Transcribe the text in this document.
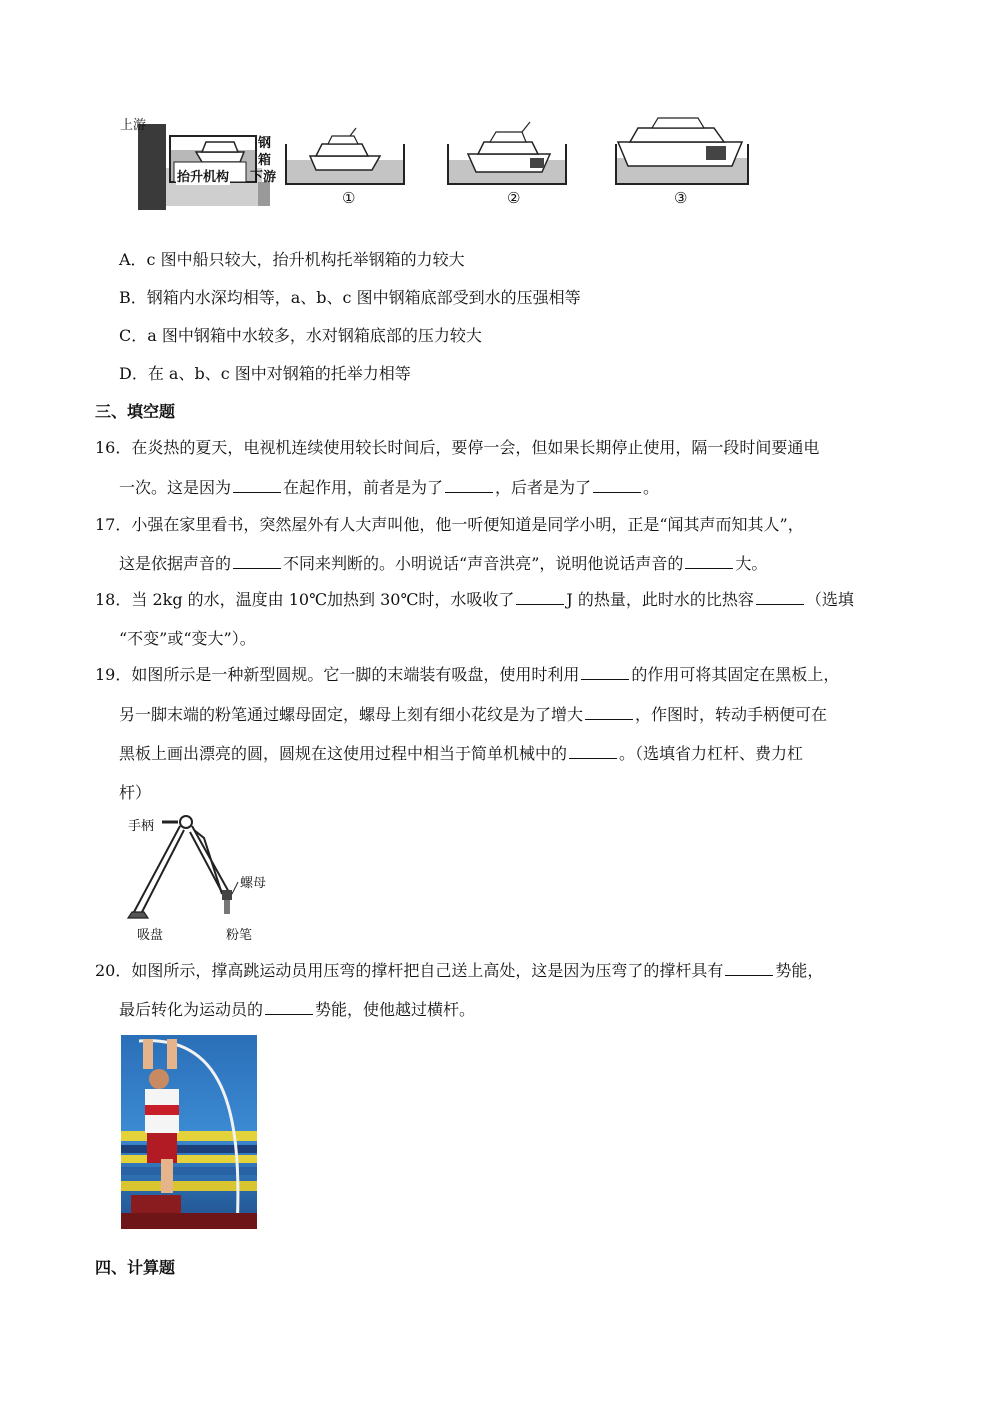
上游
钢
箱
抬升机构 下游
①	②	③
A．c 图中船只较大，抬升机构托举钢箱的力较大
B．钢箱内水深均相等，a、b、c 图中钢箱底部受到水的压强相等
C．a 图中钢箱中水较多，水对钢箱底部的压力较大
D．在 a、b、c 图中对钢箱的托举力相等
三、填空题
16．在炎热的夏天，电视机连续使用较长时间后，要停一会，但如果长期停止使用，隔一段时间要通电
一次。这是因为	在起作用，前者是为了	，后者是为了	。
17．小强在家里看书，突然屋外有人大声叫他，他一听便知道是同学小明，正是“闻其声而知其人”，
这是依据声音的	不同来判断的。小明说话“声音洪亮”，说明他说话声音的	大。
18．当 2kg 的水，温度由 10℃加热到 30℃时，水吸收了	J 的热量，此时水的比热容	（选填
“不变”或“变大”）。
19．如图所示是一种新型圆规。它一脚的末端装有吸盘，使用时利用	的作用可将其固定在黑板上，
另一脚末端的粉笔通过螺母固定，螺母上刻有细小花纹是为了增大	，作图时，转动手柄便可在
黑板上画出漂亮的圆，圆规在这使用过程中相当于简单机械中的	。（选填省力杠杆、费力杠
杆）
手柄
螺母
吸盘	粉笔
20．如图所示，撑高跳运动员用压弯的撑杆把自己送上高处，这是因为压弯了的撑杆具有	势能，
最后转化为运动员的	势能，使他越过横杆。
四、计算题
